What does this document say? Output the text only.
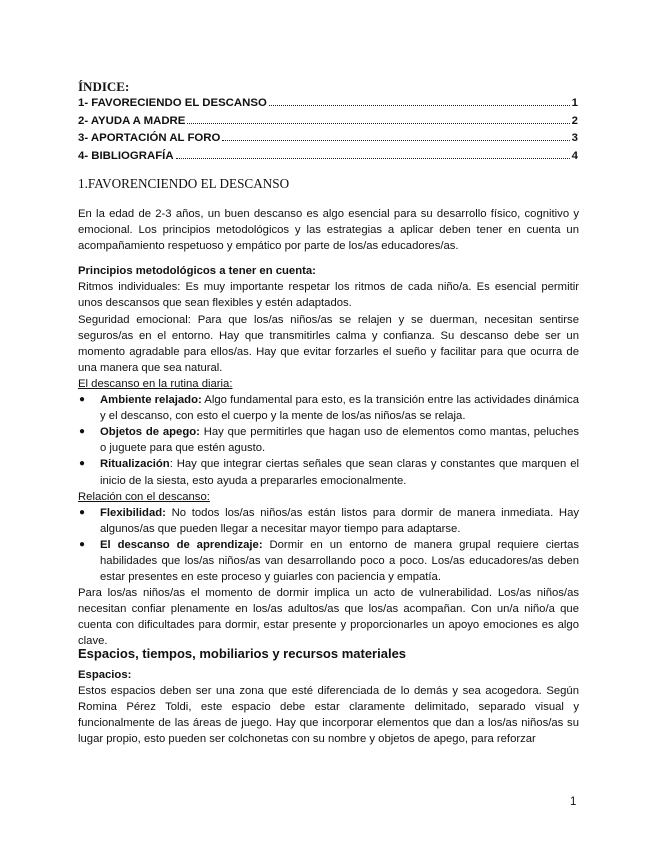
ÍNDICE:
1- FAVORECIENDO EL DESCANSO	1
2- AYUDA A MADRE	2
3- APORTACIÓN AL FORO	3
4- BIBLIOGRAFÍA	4
1.FAVORENCIENDO EL DESCANSO

En la edad de 2-3 años, un buen descanso es algo esencial para su desarrollo físico, cognitivo y emocional. Los principios metodológicos y las estrategias a aplicar deben tener en cuenta un acompañamiento respetuoso y empático por parte de los/as educadores/as.

Principios metodológicos a tener en cuenta:

Ritmos individuales: Es muy importante respetar los ritmos de cada niño/a. Es esencial permitir unos descansos que sean flexibles y estén adaptados.

Seguridad emocional: Para que los/as niños/as se relajen y se duerman, necesitan sentirse seguros/as en el entorno. Hay que transmitirles calma y confianza. Su descanso debe ser un momento agradable para ellos/as. Hay que evitar forzarles el sueño y facilitar para que ocurra de una manera que sea natural.

El descanso en la rutina diaria:

● Ambiente relajado: Algo fundamental para esto, es la transición entre las actividades dinámica y el descanso, con esto el cuerpo y la mente de los/as niños/as se relaja.
● Objetos de apego: Hay que permitirles que hagan uso de elementos como mantas, peluches o juguete para que estén agusto.
● Ritualización: Hay que integrar ciertas señales que sean claras y constantes que marquen el inicio de la siesta, esto ayuda a prepararles emocionalmente.

Relación con el descanso:

● Flexibilidad: No todos los/as niños/as están listos para dormir de manera inmediata. Hay algunos/as que pueden llegar a necesitar mayor tiempo para adaptarse.
● El descanso de aprendizaje: Dormir en un entorno de manera grupal requiere ciertas habilidades que los/as niños/as van desarrollando poco a poco. Los/as educadores/as deben estar presentes en este proceso y guiarles con paciencia y empatía.

Para los/as niños/as el momento de dormir implica un acto de vulnerabilidad. Los/as niños/as necesitan confiar plenamente en los/as adultos/as que los/as acompañan. Con un/a niño/a que cuenta con dificultades para dormir, estar presente y proporcionarles un apoyo emociones es algo clave.

Espacios, tiempos, mobiliarios y recursos materiales

Espacios:

Estos espacios deben ser una zona que esté diferenciada de lo demás y sea acogedora. Según Romina Pérez Toldi, este espacio debe estar claramente delimitado, separado visual y funcionalmente de las áreas de juego. Hay que incorporar elementos que dan a los/as niños/as su lugar propio, esto pueden ser colchonetas con su nombre y objetos de apego, para reforzar

1
